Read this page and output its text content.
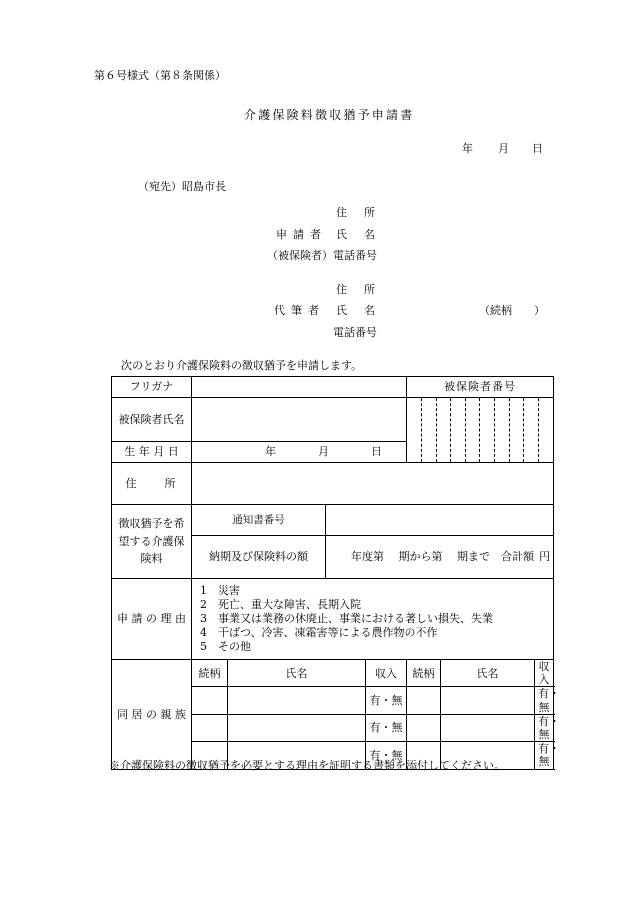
第６号様式（第８条関係）
介護保険料徴収猶予申請書
年 月 日
（宛先）昭島市長
住　所
申請者 氏　名
（被保険者） 電話番号
住　所
代筆者 氏　名	（続柄　　）
電話番号
次のとおり介護保険料の徴収猶予を申請します。
フリガナ		被保険者番号
被保険者氏名		

生 年 月 日	年	月	日
住　　所	
徴収猶予を希望する介護保険料	通知書番号	
納期及び保険料の額	年度第　 期から第　 期まで　合計額 円

申 請 の 理 由	
1　災害
2　死亡、重大な障害、長期入院
3　事業又は業務の休廃止、事業における著しい損失、失業
4　干ばつ、冷害、凍霜害等による農作物の不作
5　その他

同 居 の 親 族	続柄	氏名	収入	続柄	氏名	収入
		有・無			有・無
		有・無			有・無
		有・無			有・無
※介護保険料の徴収猶予を必要とする理由を証明する書類を添付してください。
